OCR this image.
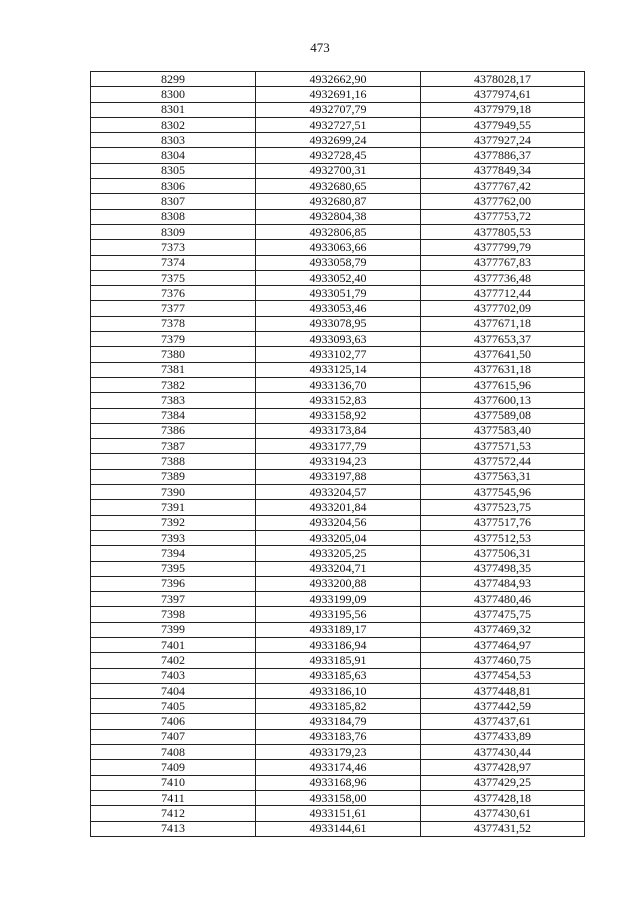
473
8299	4932662,90	4378028,17
8300	4932691,16	4377974,61
8301	4932707,79	4377979,18
8302	4932727,51	4377949,55
8303	4932699,24	4377927,24
8304	4932728,45	4377886,37
8305	4932700,31	4377849,34
8306	4932680,65	4377767,42
8307	4932680,87	4377762,00
8308	4932804,38	4377753,72
8309	4932806,85	4377805,53
7373	4933063,66	4377799,79
7374	4933058,79	4377767,83
7375	4933052,40	4377736,48
7376	4933051,79	4377712,44
7377	4933053,46	4377702,09
7378	4933078,95	4377671,18
7379	4933093,63	4377653,37
7380	4933102,77	4377641,50
7381	4933125,14	4377631,18
7382	4933136,70	4377615,96
7383	4933152,83	4377600,13
7384	4933158,92	4377589,08
7386	4933173,84	4377583,40
7387	4933177,79	4377571,53
7388	4933194,23	4377572,44
7389	4933197,88	4377563,31
7390	4933204,57	4377545,96
7391	4933201,84	4377523,75
7392	4933204,56	4377517,76
7393	4933205,04	4377512,53
7394	4933205,25	4377506,31
7395	4933204,71	4377498,35
7396	4933200,88	4377484,93
7397	4933199,09	4377480,46
7398	4933195,56	4377475,75
7399	4933189,17	4377469,32
7401	4933186,94	4377464,97
7402	4933185,91	4377460,75
7403	4933185,63	4377454,53
7404	4933186,10	4377448,81
7405	4933185,82	4377442,59
7406	4933184,79	4377437,61
7407	4933183,76	4377433,89
7408	4933179,23	4377430,44
7409	4933174,46	4377428,97
7410	4933168,96	4377429,25
7411	4933158,00	4377428,18
7412	4933151,61	4377430,61
7413	4933144,61	4377431,52
